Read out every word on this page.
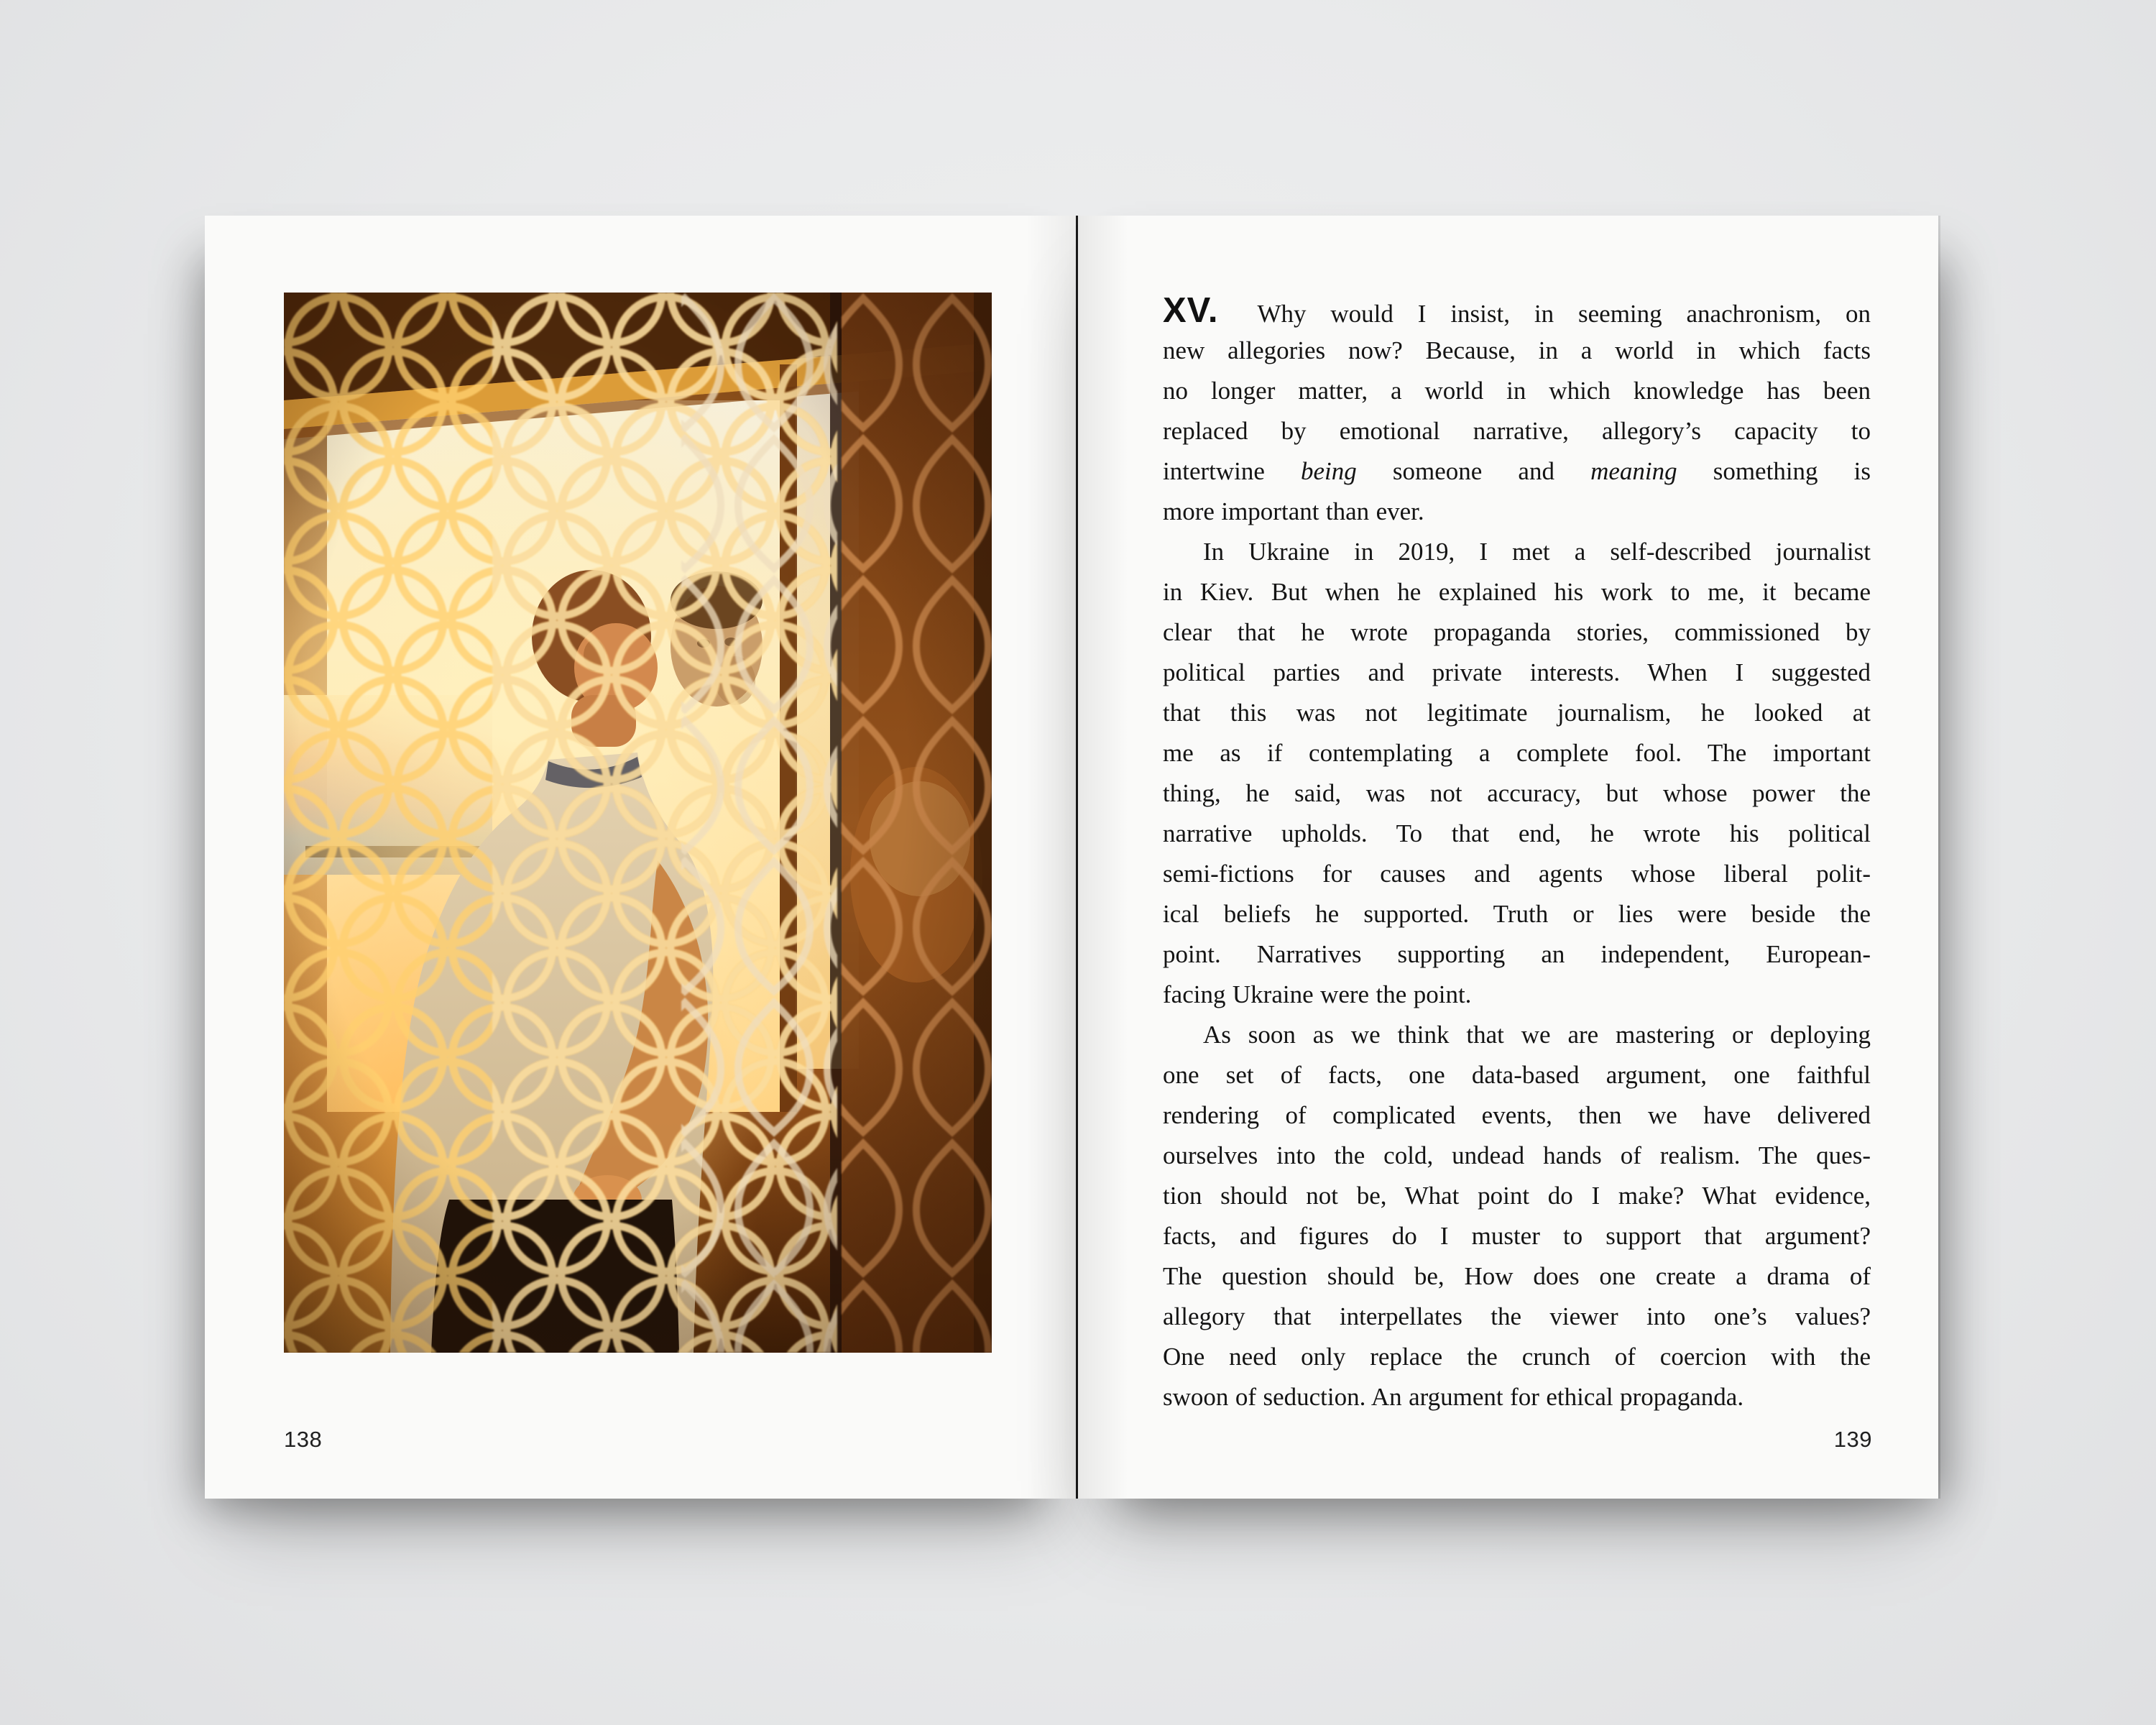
138
XV. Why would I insist, in seeming anachronism, on
new allegories now? Because, in a world in which facts
no longer matter, a world in which knowledge has been
replaced by emotional narrative, allegory’s capacity to
intertwine being someone and meaning something is
more important than ever.
In Ukraine in 2019, I met a self-described journalist
in Kiev. But when he explained his work to me, it became
clear that he wrote propaganda stories, commissioned by
political parties and private interests. When I suggested
that this was not legitimate journalism, he looked at
me as if contemplating a complete fool. The important
thing, he said, was not accuracy, but whose power the
narrative upholds. To that end, he wrote his political
semi-fictions for causes and agents whose liberal polit-
ical beliefs he supported. Truth or lies were beside the
point. Narratives supporting an independent, European-
facing Ukraine were the point.
As soon as we think that we are mastering or deploying
one set of facts, one data-based argument, one faithful
rendering of complicated events, then we have delivered
ourselves into the cold, undead hands of realism. The ques-
tion should not be, What point do I make? What evidence,
facts, and figures do I muster to support that argument?
The question should be, How does one create a drama of
allegory that interpellates the viewer into one’s values?
One need only replace the crunch of coercion with the
swoon of seduction. An argument for ethical propaganda.
139
